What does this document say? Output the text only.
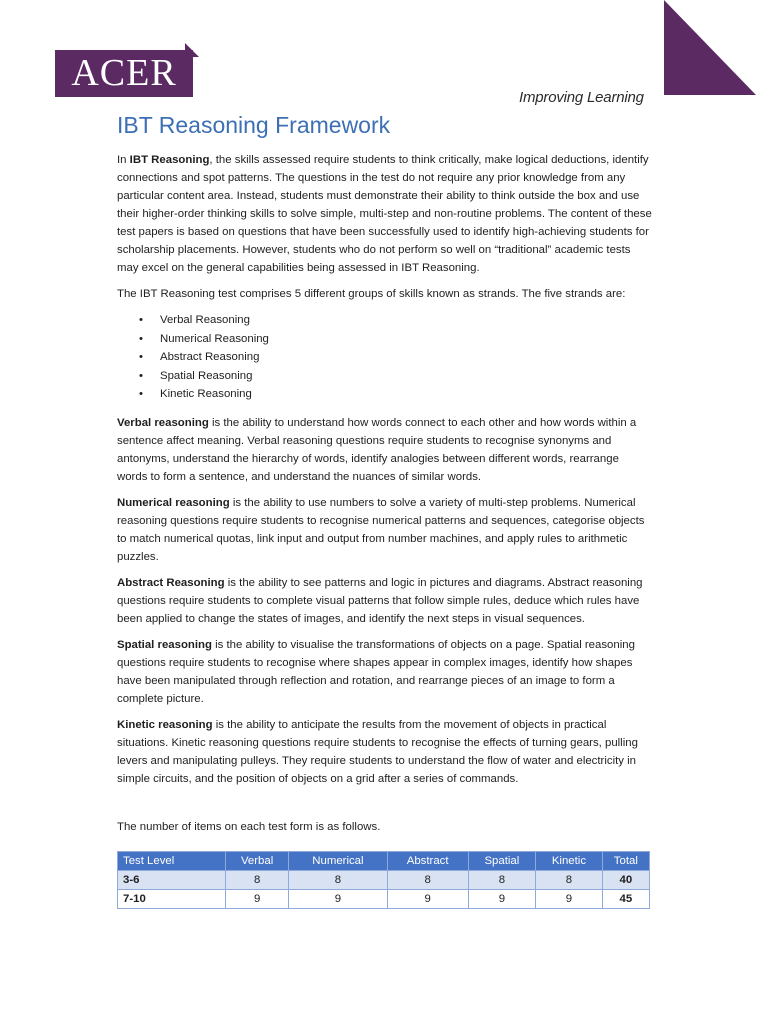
ACER
Improving Learning
IBT Reasoning Framework

In IBT Reasoning, the skills assessed require students to think critically, make logical deductions, identify connections and spot patterns. The questions in the test do not require any prior knowledge from any particular content area. Instead, students must demonstrate their ability to think outside the box and use their higher-order thinking skills to solve simple, multi-step and non-routine problems. The content of these test papers is based on questions that have been successfully used to identify high-achieving students for scholarship placements. However, students who do not perform so well on “traditional” academic tests may excel on the general capabilities being assessed in IBT Reasoning.

The IBT Reasoning test comprises 5 different groups of skills known as strands. The five strands are:

• Verbal Reasoning
• Numerical Reasoning
• Abstract Reasoning
• Spatial Reasoning
• Kinetic Reasoning

Verbal reasoning is the ability to understand how words connect to each other and how words within a sentence affect meaning. Verbal reasoning questions require students to recognise synonyms and antonyms, understand the hierarchy of words, identify analogies between different words, rearrange words to form a sentence, and understand the nuances of similar words.

Numerical reasoning is the ability to use numbers to solve a variety of multi-step problems. Numerical reasoning questions require students to recognise numerical patterns and sequences, categorise objects to match numerical quotas, link input and output from number machines, and apply rules to arithmetic puzzles.

Abstract Reasoning is the ability to see patterns and logic in pictures and diagrams. Abstract reasoning questions require students to complete visual patterns that follow simple rules, deduce which rules have been applied to change the states of images, and identify the next steps in visual sequences.

Spatial reasoning is the ability to visualise the transformations of objects on a page. Spatial reasoning questions require students to recognise where shapes appear in complex images, identify how shapes have been manipulated through reflection and rotation, and rearrange pieces of an image to form a complete picture.

Kinetic reasoning is the ability to anticipate the results from the movement of objects in practical situations. Kinetic reasoning questions require students to recognise the effects of turning gears, pulling levers and manipulating pulleys. They require students to understand the flow of water and electricity in simple circuits, and the position of objects on a grid after a series of commands.

The number of items on each test form is as follows.

Test Level	Verbal	Numerical	Abstract	Spatial	Kinetic	Total
3-6	8	8	8	8	8	40
7-10	9	9	9	9	9	45
